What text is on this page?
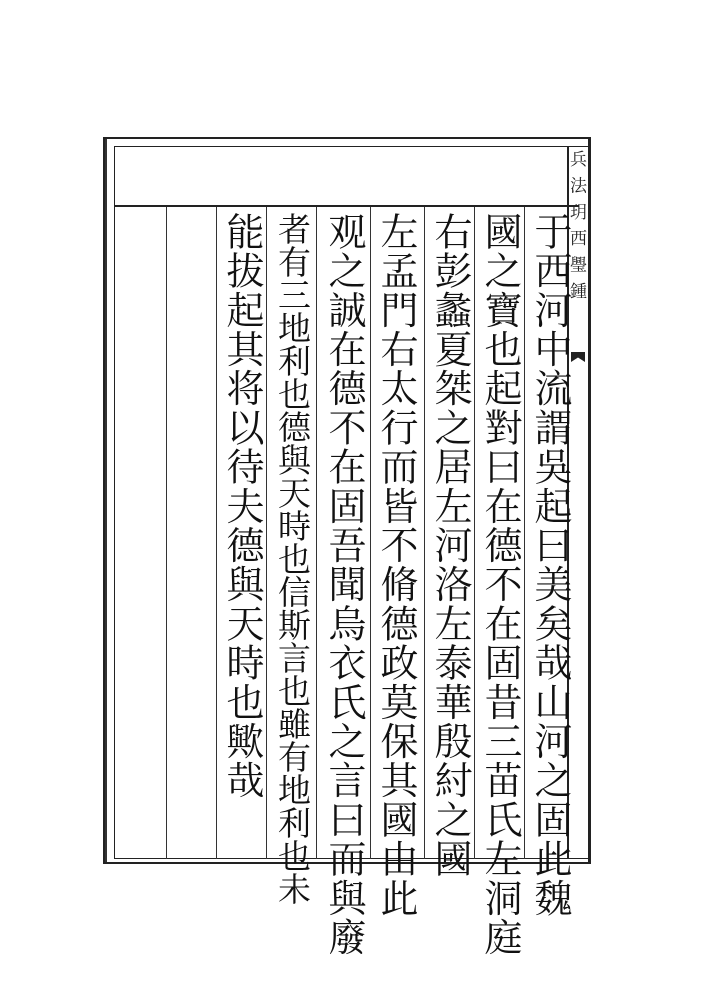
兵 法 玥 西 璺 鍾
于西河中流謂吳起曰美矣哉山河之固此魏
國之寶也起對曰在德不在固昔三苗氏左洞庭
右彭蠡夏桀之居左河洛左泰華殷紂之國
左孟門右太行而皆不脩德政莫保其國由此
观之誠在德不在固吾聞烏衣氏之言曰而與廢
者有三地利也德與天時也信斯言也雖有地利也未
能拔起其将以待夫德與天時也歟哉
